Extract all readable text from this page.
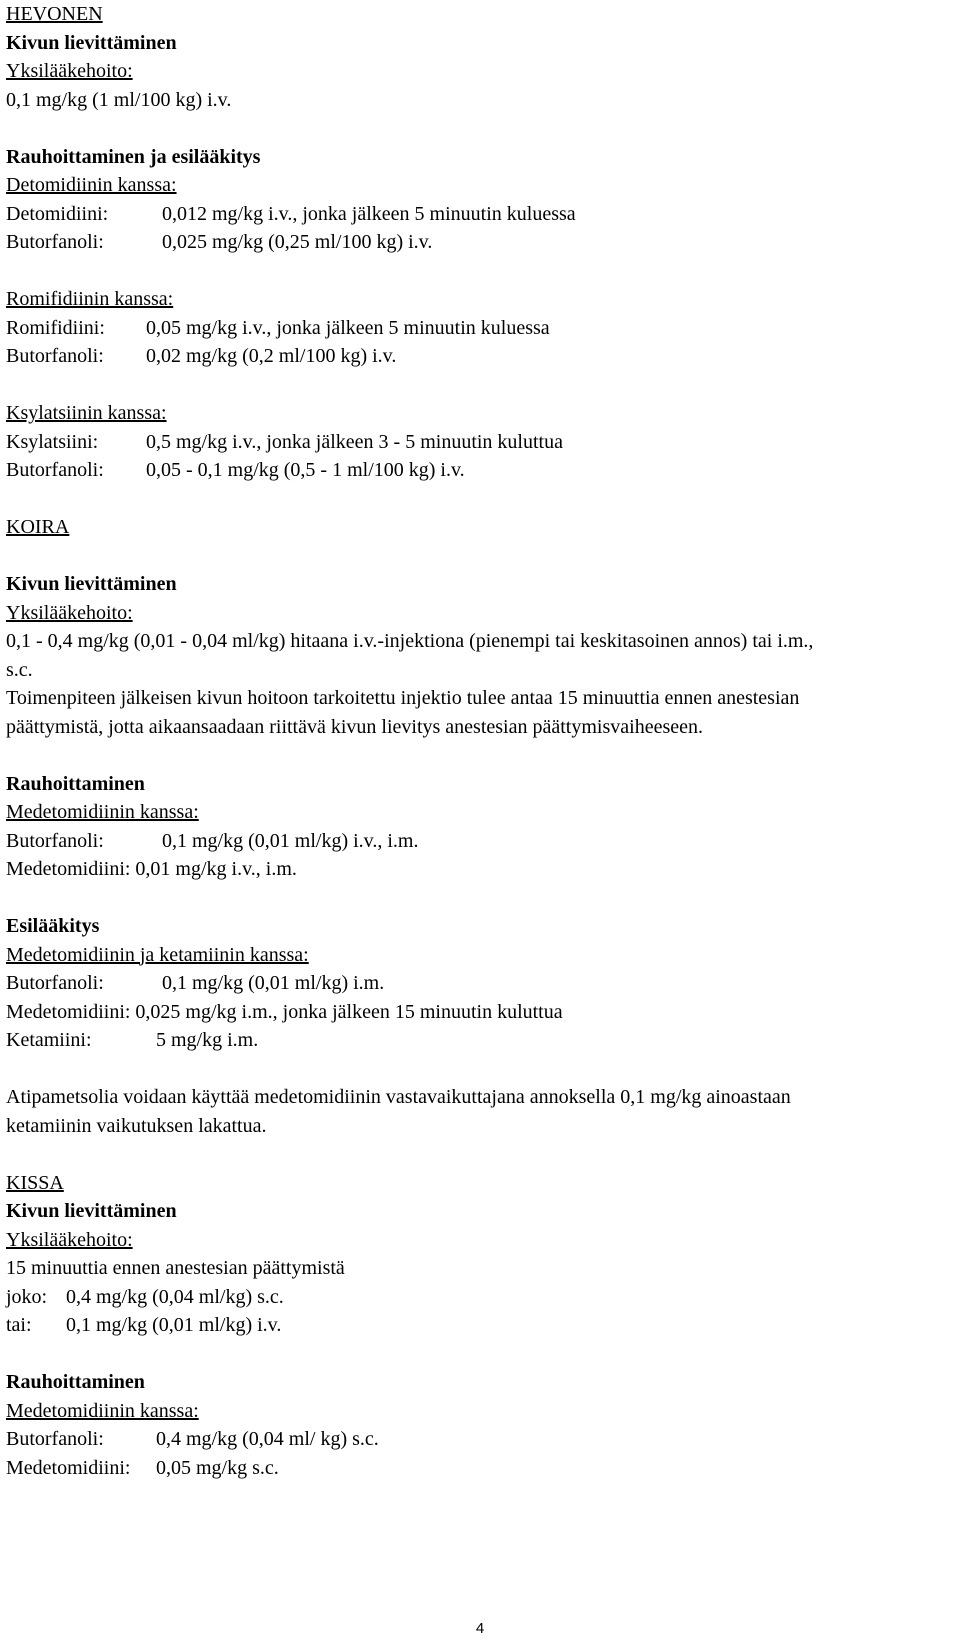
HEVONEN
Kivun lievittäminen
Yksilääkehoito:
0,1 mg/kg (1 ml/100 kg) i.v.
Rauhoittaminen ja esilääkitys
Detomidiinin kanssa:
Detomidiini:	0,012 mg/kg i.v., jonka jälkeen 5 minuutin kuluessa
Butorfanoli:	0,025 mg/kg (0,25 ml/100 kg) i.v.
Romifidiinin kanssa:
Romifidiini: 0,05 mg/kg i.v., jonka jälkeen 5 minuutin kuluessa
Butorfanoli: 0,02 mg/kg (0,2 ml/100 kg) i.v.
Ksylatsiinin kanssa:
Ksylatsiini: 0,5 mg/kg i.v., jonka jälkeen 3 - 5 minuutin kuluttua
Butorfanoli: 0,05 - 0,1 mg/kg (0,5 - 1 ml/100 kg) i.v.
KOIRA
Kivun lievittäminen
Yksilääkehoito:
0,1 - 0,4 mg/kg (0,01 - 0,04 ml/kg) hitaana i.v.-injektiona (pienempi tai keskitasoinen annos) tai i.m.,
s.c.
Toimenpiteen jälkeisen kivun hoitoon tarkoitettu injektio tulee antaa 15 minuuttia ennen anestesian
päättymistä, jotta aikaansaadaan riittävä kivun lievitys anestesian päättymisvaiheeseen.
Rauhoittaminen
Medetomidiinin kanssa:
Butorfanoli:	0,1 mg/kg (0,01 ml/kg) i.v., i.m.
Medetomidiini: 0,01 mg/kg i.v., i.m.
Esilääkitys
Medetomidiinin ja ketamiinin kanssa:
Butorfanoli:	0,1 mg/kg (0,01 ml/kg) i.m.
Medetomidiini: 0,025 mg/kg i.m., jonka jälkeen 15 minuutin kuluttua
Ketamiini:	5 mg/kg i.m.
Atipametsolia voidaan käyttää medetomidiinin vastavaikuttajana annoksella 0,1 mg/kg ainoastaan
ketamiinin vaikutuksen lakattua.
KISSA
Kivun lievittäminen
Yksilääkehoito:
15 minuuttia ennen anestesian päättymistä
joko: 0,4 mg/kg (0,04 ml/kg) s.c.
tai: 0,1 mg/kg (0,01 ml/kg) i.v.
Rauhoittaminen
Medetomidiinin kanssa:
Butorfanoli:	0,4 mg/kg (0,04 ml/ kg) s.c.
Medetomidiini: 0,05 mg/kg s.c.
4
